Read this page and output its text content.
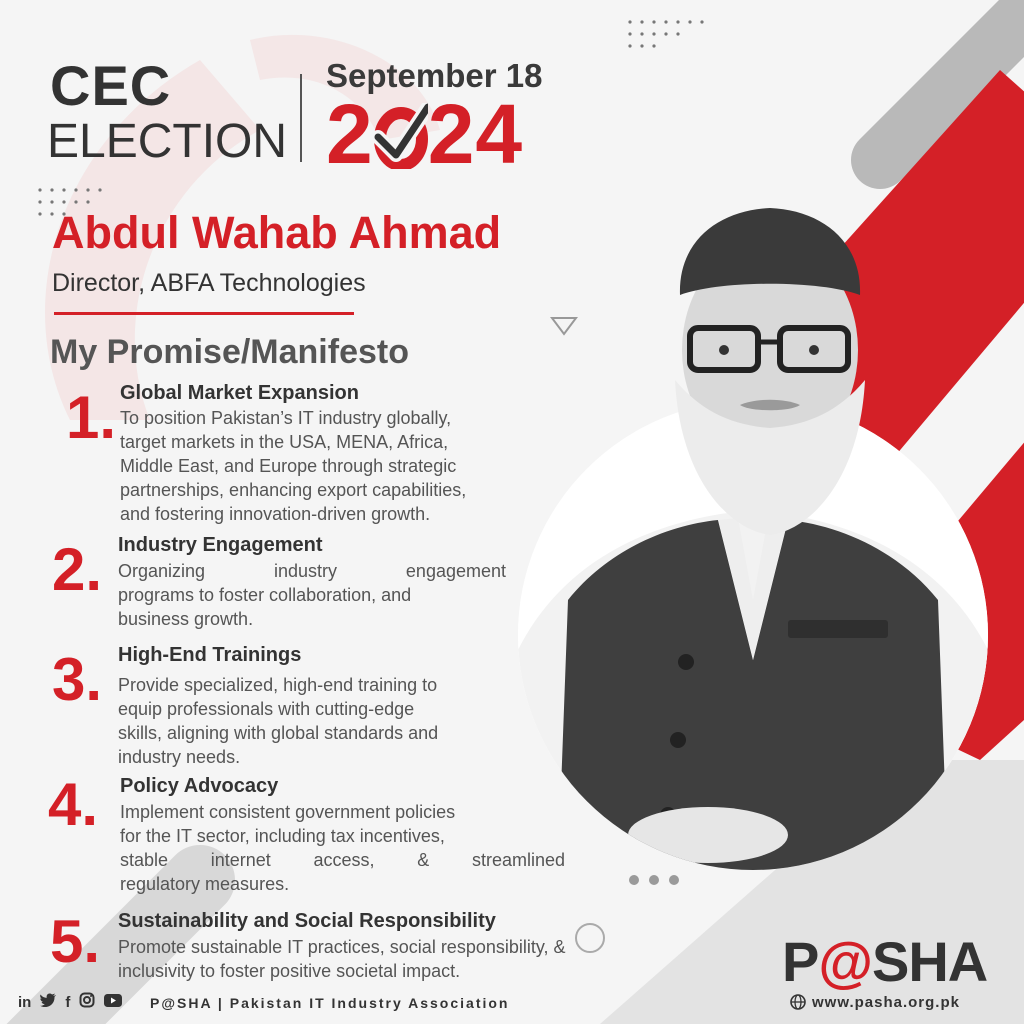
CEC
ELECTION
September 18
2 24
Abdul Wahab Ahmad
Director, ABFA Technologies
My Promise/Manifesto
1. Global Market Expansion
To position Pakistan’s IT industry globally,
target markets in the USA, MENA, Africa,
Middle East, and Europe through strategic
partnerships, enhancing export capabilities,
and fostering innovation-driven growth.
2. Industry Engagement
Organizing industry engagement
programs to foster collaboration, and
business growth.
3. High-End Trainings
Provide specialized, high-end training to
equip professionals with cutting-edge
skills, aligning with global standards and
industry needs.
4. Policy Advocacy
Implement consistent government policies
for the IT sector, including tax incentives,
stable internet access, & streamlined
regulatory measures.
5. Sustainability and Social Responsibility
Promote sustainable IT practices, social responsibility, &
inclusivity to foster positive societal impact.
in f	P@SHA | Pakistan IT Industry Association
P@SHA
www.pasha.org.pk
